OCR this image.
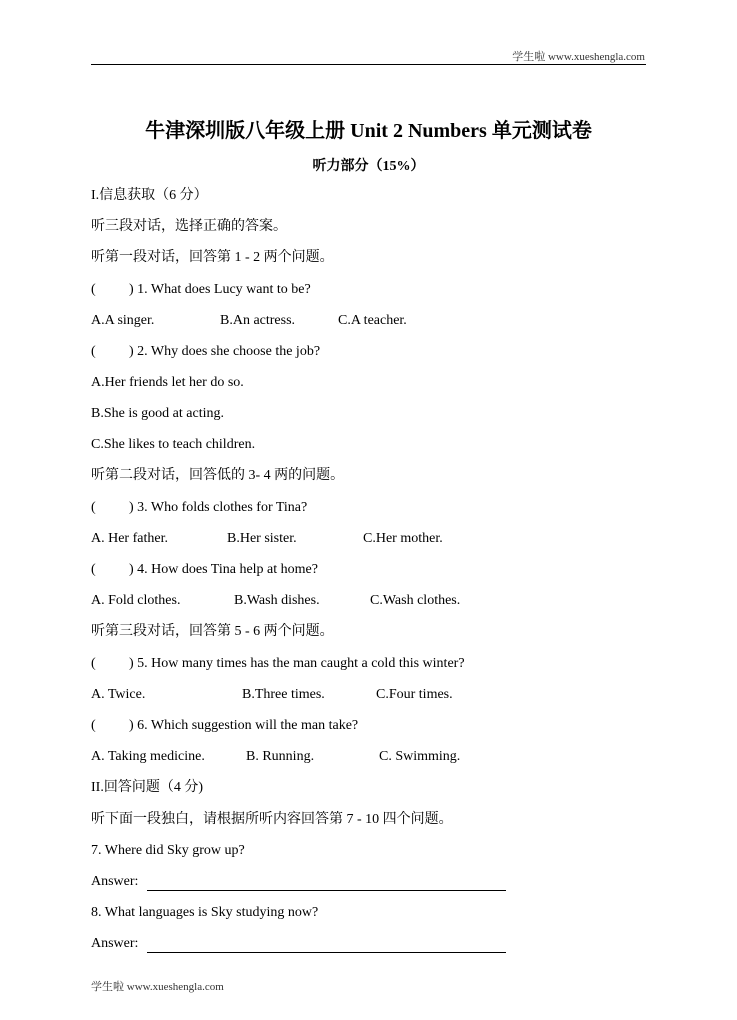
学生啦 www.xueshengla.com
牛津深圳版八年级上册 Unit 2 Numbers 单元测试卷
听力部分（15%）
I.信息获取（6 分）
听三段对话，选择正确的答案。
听第一段对话，回答第 1 - 2 两个问题。
( ) 1. What does Lucy want to be?
A.A singer.	B.An actress.	C.A teacher.
( ) 2. Why does she choose the job?
A.Her friends let her do so.
B.She is good at acting.
C.She likes to teach children.
听第二段对话，回答低的 3- 4 两的问题。
( ) 3. Who folds clothes for Tina?
A. Her father.	B.Her sister.	C.Her mother.
( ) 4. How does Tina help at home?
A. Fold clothes.	B.Wash dishes.	C.Wash clothes.
听第三段对话，回答第 5 - 6 两个问题。
( ) 5. How many times has the man caught a cold this winter?
A. Twice.	B.Three times.	C.Four times.
( ) 6. Which suggestion will the man take?
A. Taking medicine.	B. Running.	C. Swimming.
II.回答问题（4 分)
听下面一段独白，请根据所听内容回答第 7 - 10 四个问题。
7. Where did Sky grow up?
Answer:
8. What languages is Sky studying now?
Answer:
学生啦 www.xueshengla.com
